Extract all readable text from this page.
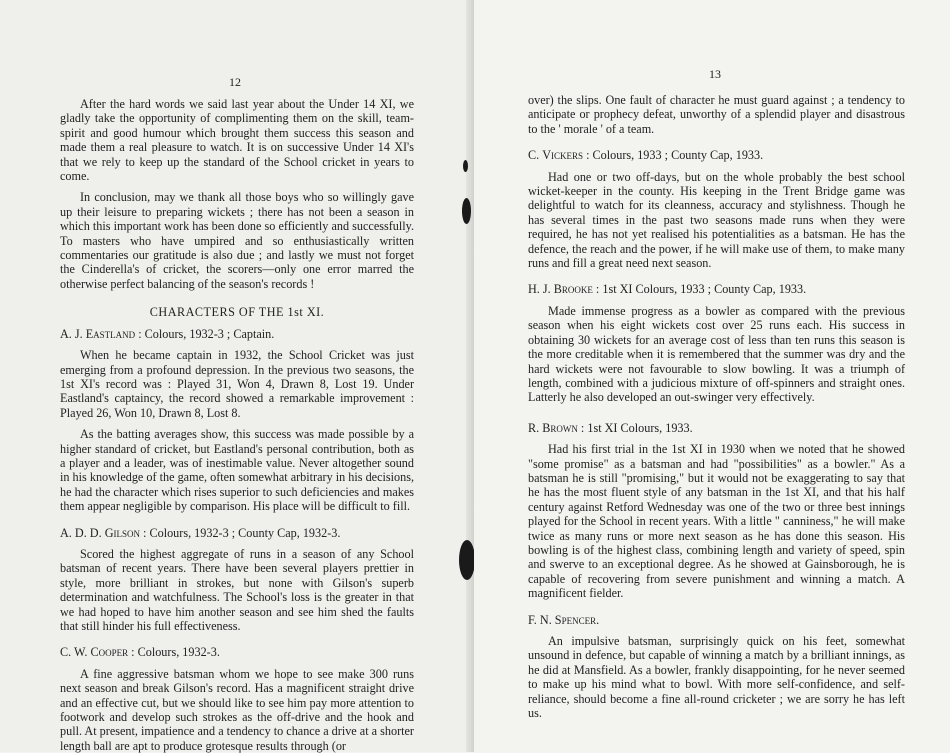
12

After the hard words we said last year about the Under 14 XI, we gladly take the opportunity of complimenting them on the skill, team-spirit and good humour which brought them success this season and made them a real pleasure to watch. It is on successive Under 14 XI's that we rely to keep up the standard of the School cricket in years to come.

In conclusion, may we thank all those boys who so willingly gave up their leisure to preparing wickets ; there has not been a season in which this important work has been done so efficiently and successfully. To masters who have umpired and so enthusiastically written commentaries our gratitude is also due ; and lastly we must not forget the Cinderella's of cricket, the scorers—only one error marred the otherwise perfect balancing of the season's records !

CHARACTERS OF THE 1st XI.

A. J. Eastland : Colours, 1932-3 ; Captain.

When he became captain in 1932, the School Cricket was just emerging from a profound depression. In the previous two seasons, the 1st XI's record was : Played 31, Won 4, Drawn 8, Lost 19. Under Eastland's captaincy, the record showed a remarkable improvement : Played 26, Won 10, Drawn 8, Lost 8.

As the batting averages show, this success was made possible by a higher standard of cricket, but Eastland's personal contribution, both as a player and a leader, was of inestimable value. Never altogether sound in his knowledge of the game, often somewhat arbitrary in his decisions, he had the character which rises superior to such deficiencies and makes them appear negligible by comparison. His place will be difficult to fill.

A. D. D. Gilson : Colours, 1932-3 ; County Cap, 1932-3.

Scored the highest aggregate of runs in a season of any School batsman of recent years. There have been several players prettier in style, more brilliant in strokes, but none with Gilson's superb determination and watchfulness. The School's loss is the greater in that we had hoped to have him another season and see him shed the faults that still hinder his full effectiveness.

C. W. Cooper : Colours, 1932-3.

A fine aggressive batsman whom we hope to see make 300 runs next season and break Gilson's record. Has a magnificent straight drive and an effective cut, but we should like to see him pay more attention to footwork and develop such strokes as the off-drive and the hook and pull. At present, impatience and a tendency to chance a drive at a shorter length ball are apt to produce grotesque results through (or

13

over) the slips. One fault of character he must guard against ; a tendency to anticipate or prophecy defeat, unworthy of a splendid player and disastrous to the ' morale ' of a team.

C. Vickers : Colours, 1933 ; County Cap, 1933.

Had one or two off-days, but on the whole probably the best school wicket-keeper in the county. His keeping in the Trent Bridge game was delightful to watch for its cleanness, accuracy and stylishness. Though he has several times in the past two seasons made runs when they were required, he has not yet realised his potentialities as a batsman. He has the defence, the reach and the power, if he will make use of them, to make many runs and fill a great need next season.

H. J. Brooke : 1st XI Colours, 1933 ; County Cap, 1933.

Made immense progress as a bowler as compared with the previous season when his eight wickets cost over 25 runs each. His success in obtaining 30 wickets for an average cost of less than ten runs this season is the more creditable when it is remembered that the summer was dry and the hard wickets were not favourable to slow bowling. It was a triumph of length, combined with a judicious mixture of off-spinners and straight ones. Latterly he also developed an out-swinger very effectively.

R. Brown : 1st XI Colours, 1933.

Had his first trial in the 1st XI in 1930 when we noted that he showed "some promise" as a batsman and had "possibilities" as a bowler." As a batsman he is still "promising," but it would not be exaggerating to say that he has the most fluent style of any batsman in the 1st XI, and that his half century against Retford Wednesday was one of the two or three best innings played for the School in recent years. With a little " canniness," he will make twice as many runs or more next season as he has done this season. His bowling is of the highest class, combining length and variety of speed, spin and swerve to an exceptional degree. As he showed at Gainsborough, he is capable of recovering from severe punishment and winning a match. A magnificent fielder.

F. N. Spencer.

An impulsive batsman, surprisingly quick on his feet, somewhat unsound in defence, but capable of winning a match by a brilliant innings, as he did at Mansfield. As a bowler, frankly disappointing, for he never seemed to make up his mind what to bowl. With more self-confidence, and self-reliance, should become a fine all-round cricketer ; we are sorry he has left us.
